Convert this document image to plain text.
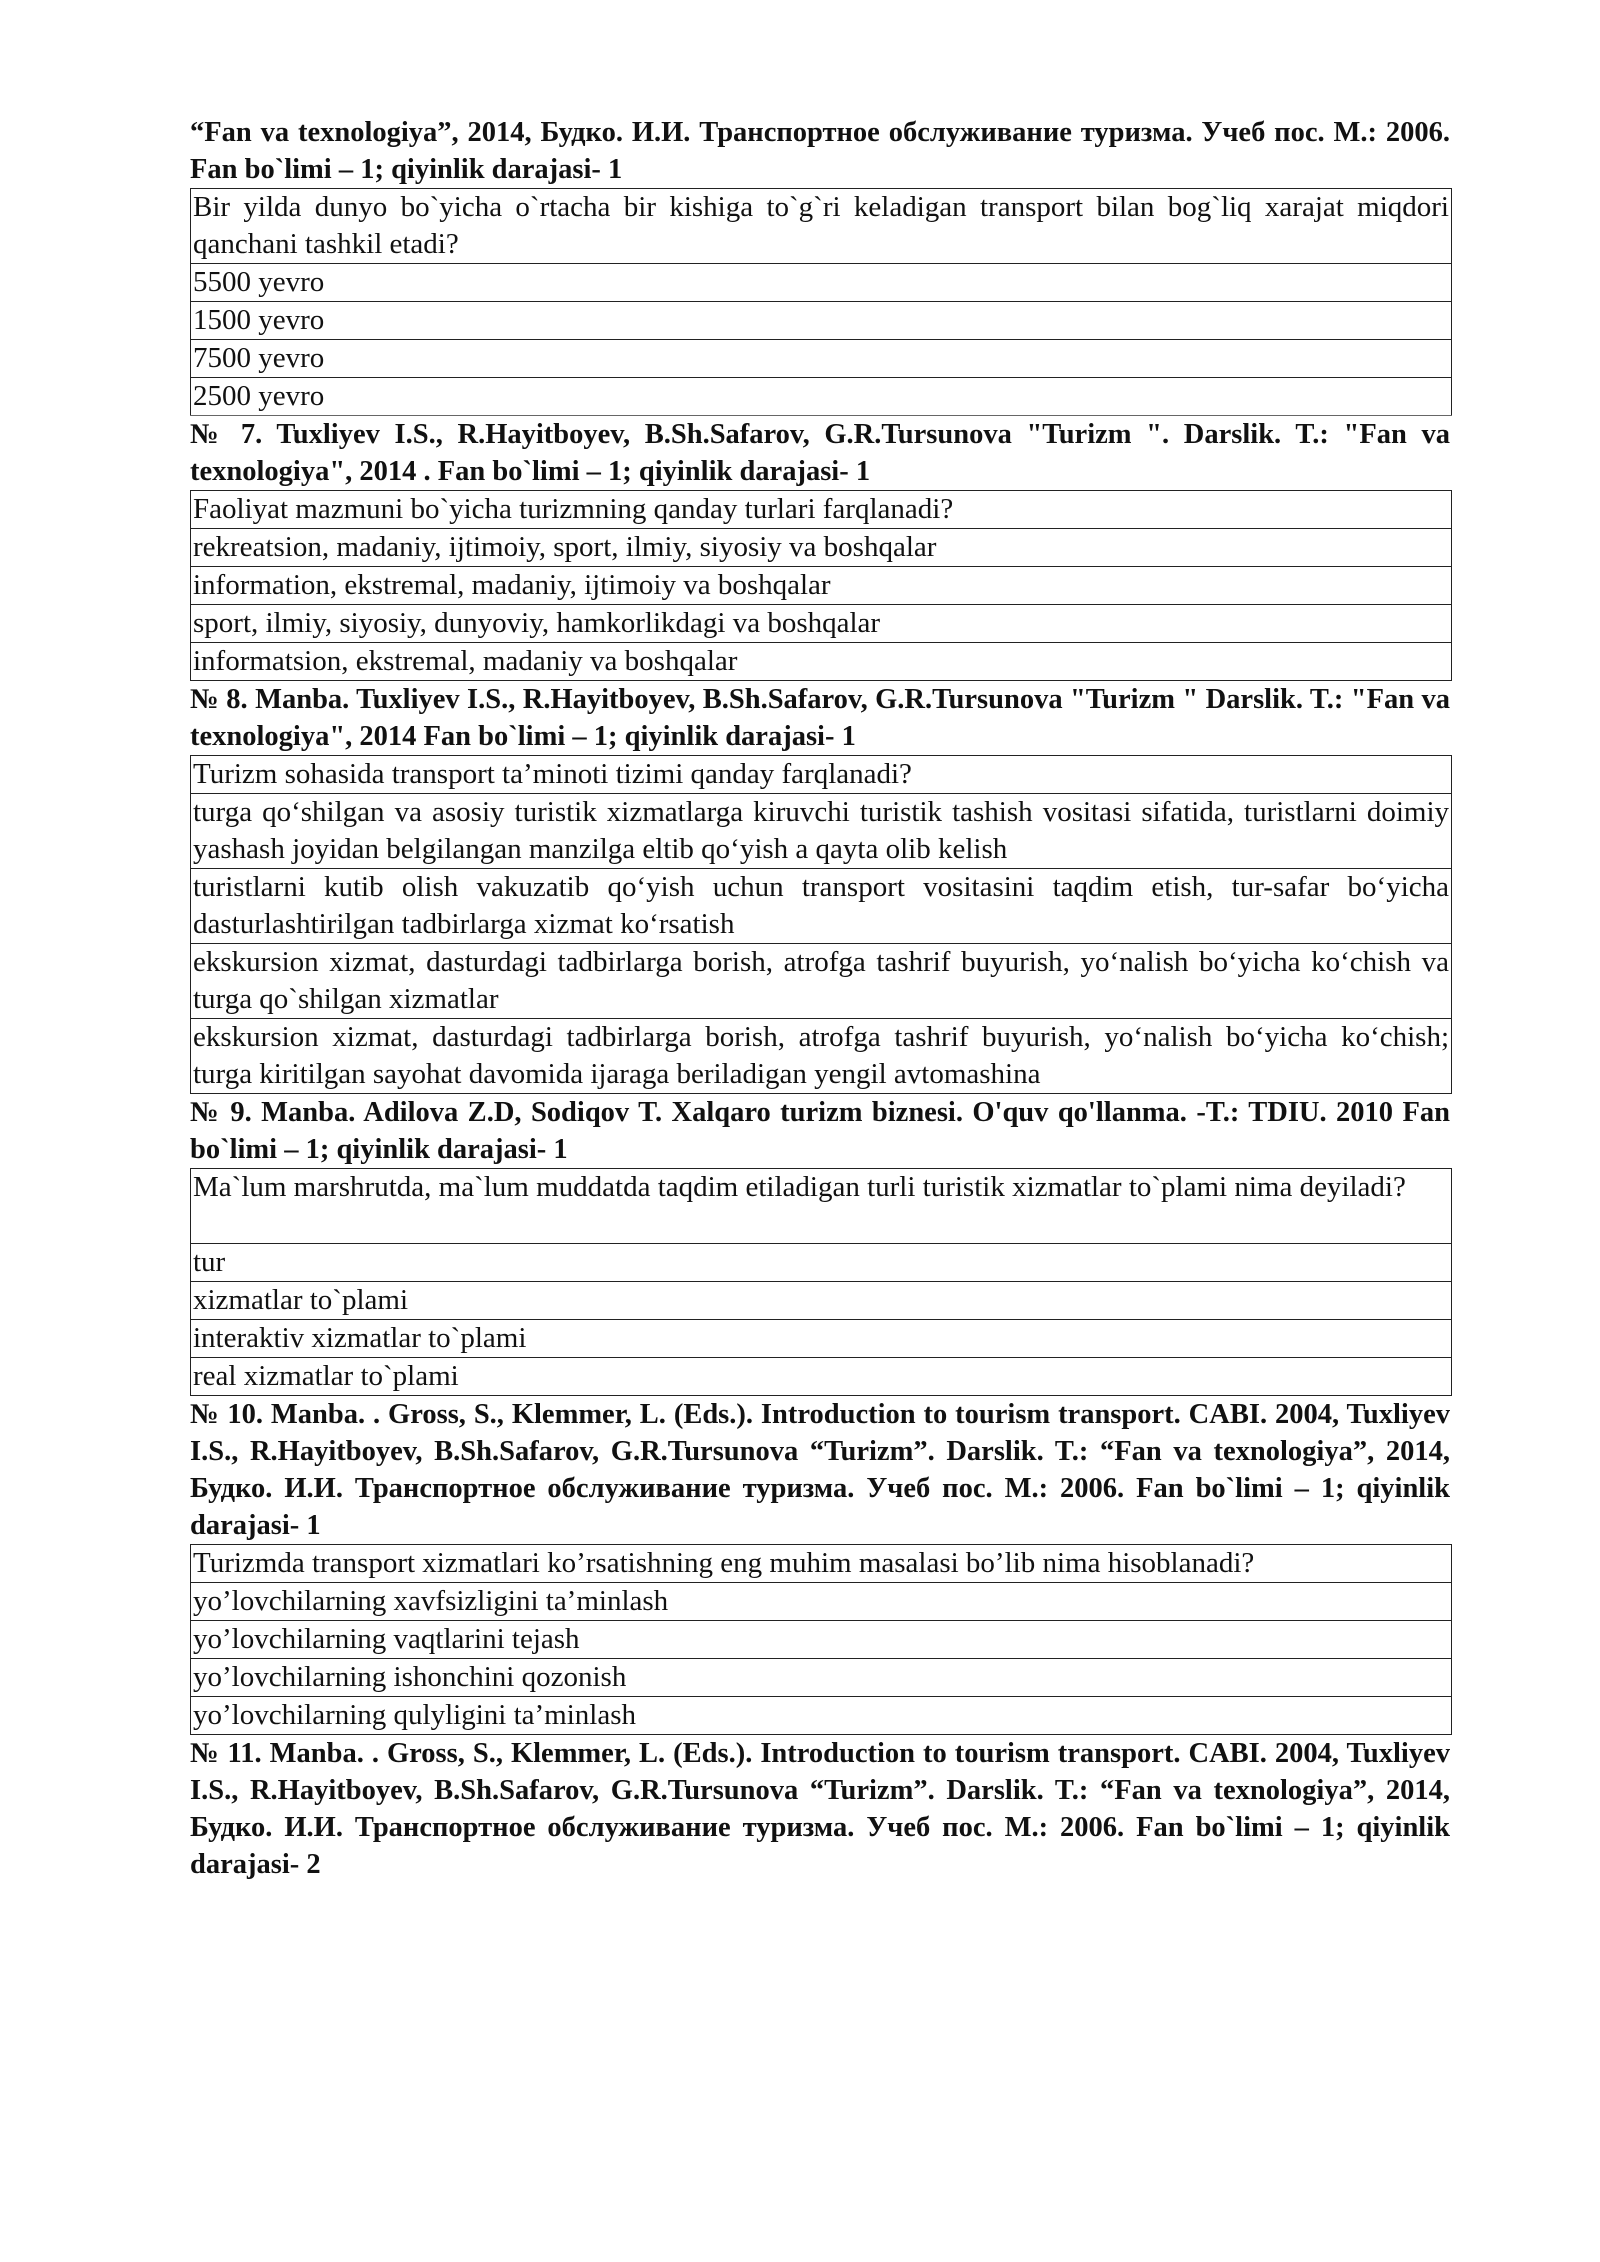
“Fan va texnologiya”, 2014, Будко. И.И. Транспортное обслуживание туризма. Учеб пос. М.: 2006. Fan bo`limi – 1; qiyinlik darajasi- 1
Bir yilda dunyo bo`yicha o`rtacha bir kishiga to`g`ri keladigan transport bilan bog`liq xarajat miqdori qanchani tashkil etadi?
5500 yevro
1500 yevro
7500 yevro
2500 yevro
№ 7. Tuxliyev I.S., R.Hayitboyev, B.Sh.Safarov, G.R.Tursunova "Turizm ". Darslik. T.: "Fan va texnologiya", 2014 . Fan bo`limi – 1; qiyinlik darajasi- 1
Faoliyat mazmuni bo`yicha turizmning qanday turlari farqlanadi?
rekreatsion, madaniy, ijtimoiy, sport, ilmiy, siyosiy va boshqalar
information, ekstremal, madaniy, ijtimoiy va boshqalar
sport, ilmiy, siyosiy, dunyoviy, hamkorlikdagi va boshqalar
informatsion, ekstremal, madaniy va boshqalar
№ 8. Manba. Tuxliyev I.S., R.Hayitboyev, B.Sh.Safarov, G.R.Tursunova "Turizm " Darslik. T.: "Fan va texnologiya", 2014 Fan bo`limi – 1; qiyinlik darajasi- 1
Turizm sohasida transport ta’minoti tizimi qanday farqlanadi?
turga qo‘shilgan va asosiy turistik xizmatlarga kiruvchi turistik tashish vositasi sifatida, turistlarni doimiy yashash joyidan belgilangan manzilga eltib qo‘yish a qayta olib kelish
turistlarni kutib olish vakuzatib qo‘yish uchun transport vositasini taqdim etish, tur-safar bo‘yicha dasturlashtirilgan tadbirlarga xizmat ko‘rsatish
ekskursion xizmat, dasturdagi tadbirlarga borish, atrofga tashrif buyurish, yo‘nalish bo‘yicha ko‘chish va turga qo`shilgan xizmatlar
ekskursion xizmat, dasturdagi tadbirlarga borish, atrofga tashrif buyurish, yo‘nalish bo‘yicha ko‘chish; turga kiritilgan sayohat davomida ijaraga beriladigan yengil avtomashina
№ 9. Manba. Adilova Z.D, Sodiqov T. Xalqaro turizm biznesi. O'quv qo'llanma. -T.: TDIU. 2010 Fan bo`limi – 1; qiyinlik darajasi- 1
Ma`lum marshrutda, ma`lum muddatda taqdim etiladigan turli turistik xizmatlar to`plami nima deyiladi?
tur
xizmatlar to`plami
interaktiv xizmatlar to`plami
real xizmatlar to`plami
№ 10. Manba. . Gross, S., Klemmer, L. (Eds.). Introduction to tourism transport. CABI. 2004, Tuxliyev I.S., R.Hayitboyev, B.Sh.Safarov, G.R.Tursunova “Turizm”. Darslik. T.: “Fan va texnologiya”, 2014, Будко. И.И. Транспортное обслуживание туризма. Учеб пос. М.: 2006. Fan bo`limi – 1; qiyinlik darajasi- 1
Turizmda transport xizmatlari ko’rsatishning eng muhim masalasi bo’lib nima hisoblanadi?
yo’lovchilarning xavfsizligini ta’minlash
yo’lovchilarning vaqtlarini tejash
yo’lovchilarning ishonchini qozonish
yo’lovchilarning qulyligini ta’minlash
№ 11. Manba. . Gross, S., Klemmer, L. (Eds.). Introduction to tourism transport. CABI. 2004, Tuxliyev I.S., R.Hayitboyev, B.Sh.Safarov, G.R.Tursunova “Turizm”. Darslik. T.: “Fan va texnologiya”, 2014, Будко. И.И. Транспортное обслуживание туризма. Учеб пос. М.: 2006. Fan bo`limi – 1; qiyinlik darajasi- 2
